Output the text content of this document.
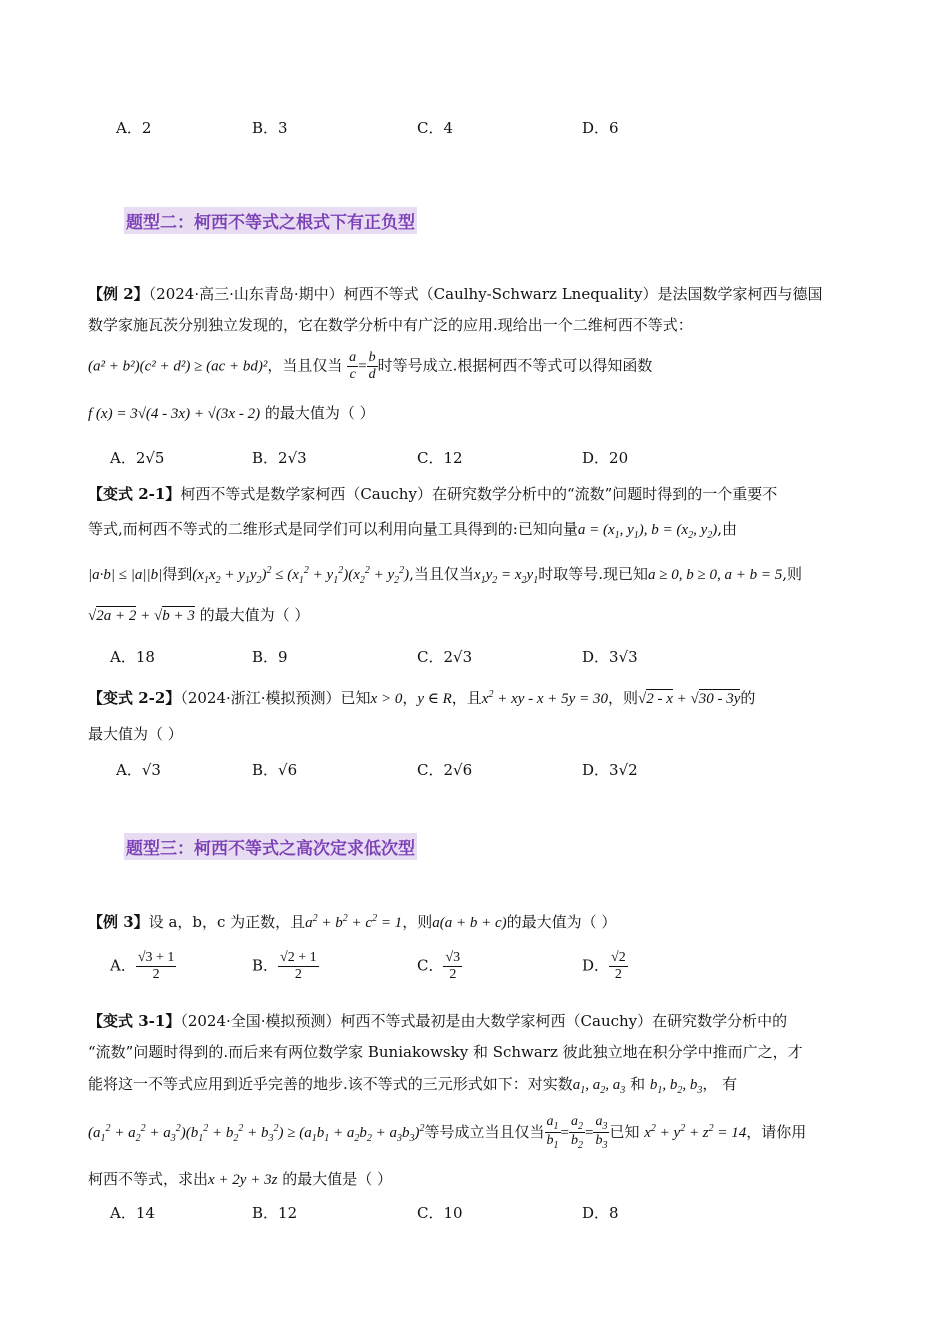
A．2	B．3	C．4	D．6
题型二：柯西不等式之根式下有正负型
【例 2】（2024·高三·山东青岛·期中）柯西不等式（Caulhy-Schwarz Lnequality）是法国数学家柯西与德国
数学家施瓦茨分别独立发现的，它在数学分析中有广泛的应用.现给出一个二维柯西不等式：
(a² + b²)(c² + d²) ≥ (ac + bd)²，当且仅当 $\frac{a}{c} = \frac{b}{d}$ 时等号成立.根据柯西不等式可以得知函数
f (x) = 3√(4 - 3x) + √(3x - 2) 的最大值为（ ）
A．2√5	B．2√3	C．12	D．20
【变式 2-1】柯西不等式是数学家柯西（Cauchy）在研究数学分析中的“流数”问题时得到的一个重要不
等式,而柯西不等式的二维形式是同学们可以利用向量工具得到的:已知向量$a = (x_1$, $y_1$), $b = (x_2$, $y_2$),由
|a·b| ≤ |a||b|得到$(x_1x_2 + y_1y_2)^2 \le (x_1^2 + y_1^2)(x_2^2 + y_2^2)$,当且仅当$x_1y_2 = x_2y_1$时取等号.现已知a ≥ 0, b ≥ 0, a + b = 5,则
√2a + 2 + √b + 3 的最大值为（ ）
A．18	B．9	C．2√3	D．3√3
【变式 2-2】（2024·浙江·模拟预测）已知x > 0，y ∈ R，且$x^2$ + xy - x + 5y = 30，则√2 - x + √30 - 3y的
最大值为（ ）
A．√3	B．√6	C．2√6	D．3√2
题型三：柯西不等式之高次定求低次型
【例 3】设 a，b，c 为正数，且$a^2 + b^2 + c^2 = 1$，则a(a + b + c)的最大值为（ ）
A． $\frac{√3 + 1}{2}$	B． $\frac{√2 + 1}{2}$	C． $\frac{√3}{2}$	D． $\frac{√2}{2}$
【变式 3-1】（2024·全国·模拟预测）柯西不等式最初是由大数学家柯西（Cauchy）在研究数学分析中的
“流数”问题时得到的.而后来有两位数学家 Buniakowsky 和 Schwarz 彼此独立地在积分学中推而广之，才
能将这一不等式应用到近乎完善的地步.该不等式的三元形式如下：对实数$a_1$, $a_2$, $a_3$ 和 $b_1$, $b_2$, $b_3$， 有
$(a_1^2 + a_2^2 + a_3^2)(b_1^2 + b_2^2 + b_3^2) \ge (a_1b_1 + a_2b_2 + a_3b_3)^2$等号成立当且仅当 $\frac{a_1}{b_1} = \frac{a_2}{b_2} = \frac{a_3}{b_3}$ 已知 $x^2 + y^2 + z^2 = 14$，请你用
柯西不等式，求出x + 2y + 3z 的最大值是（ ）
A．14	B．12	C．10	D．8
